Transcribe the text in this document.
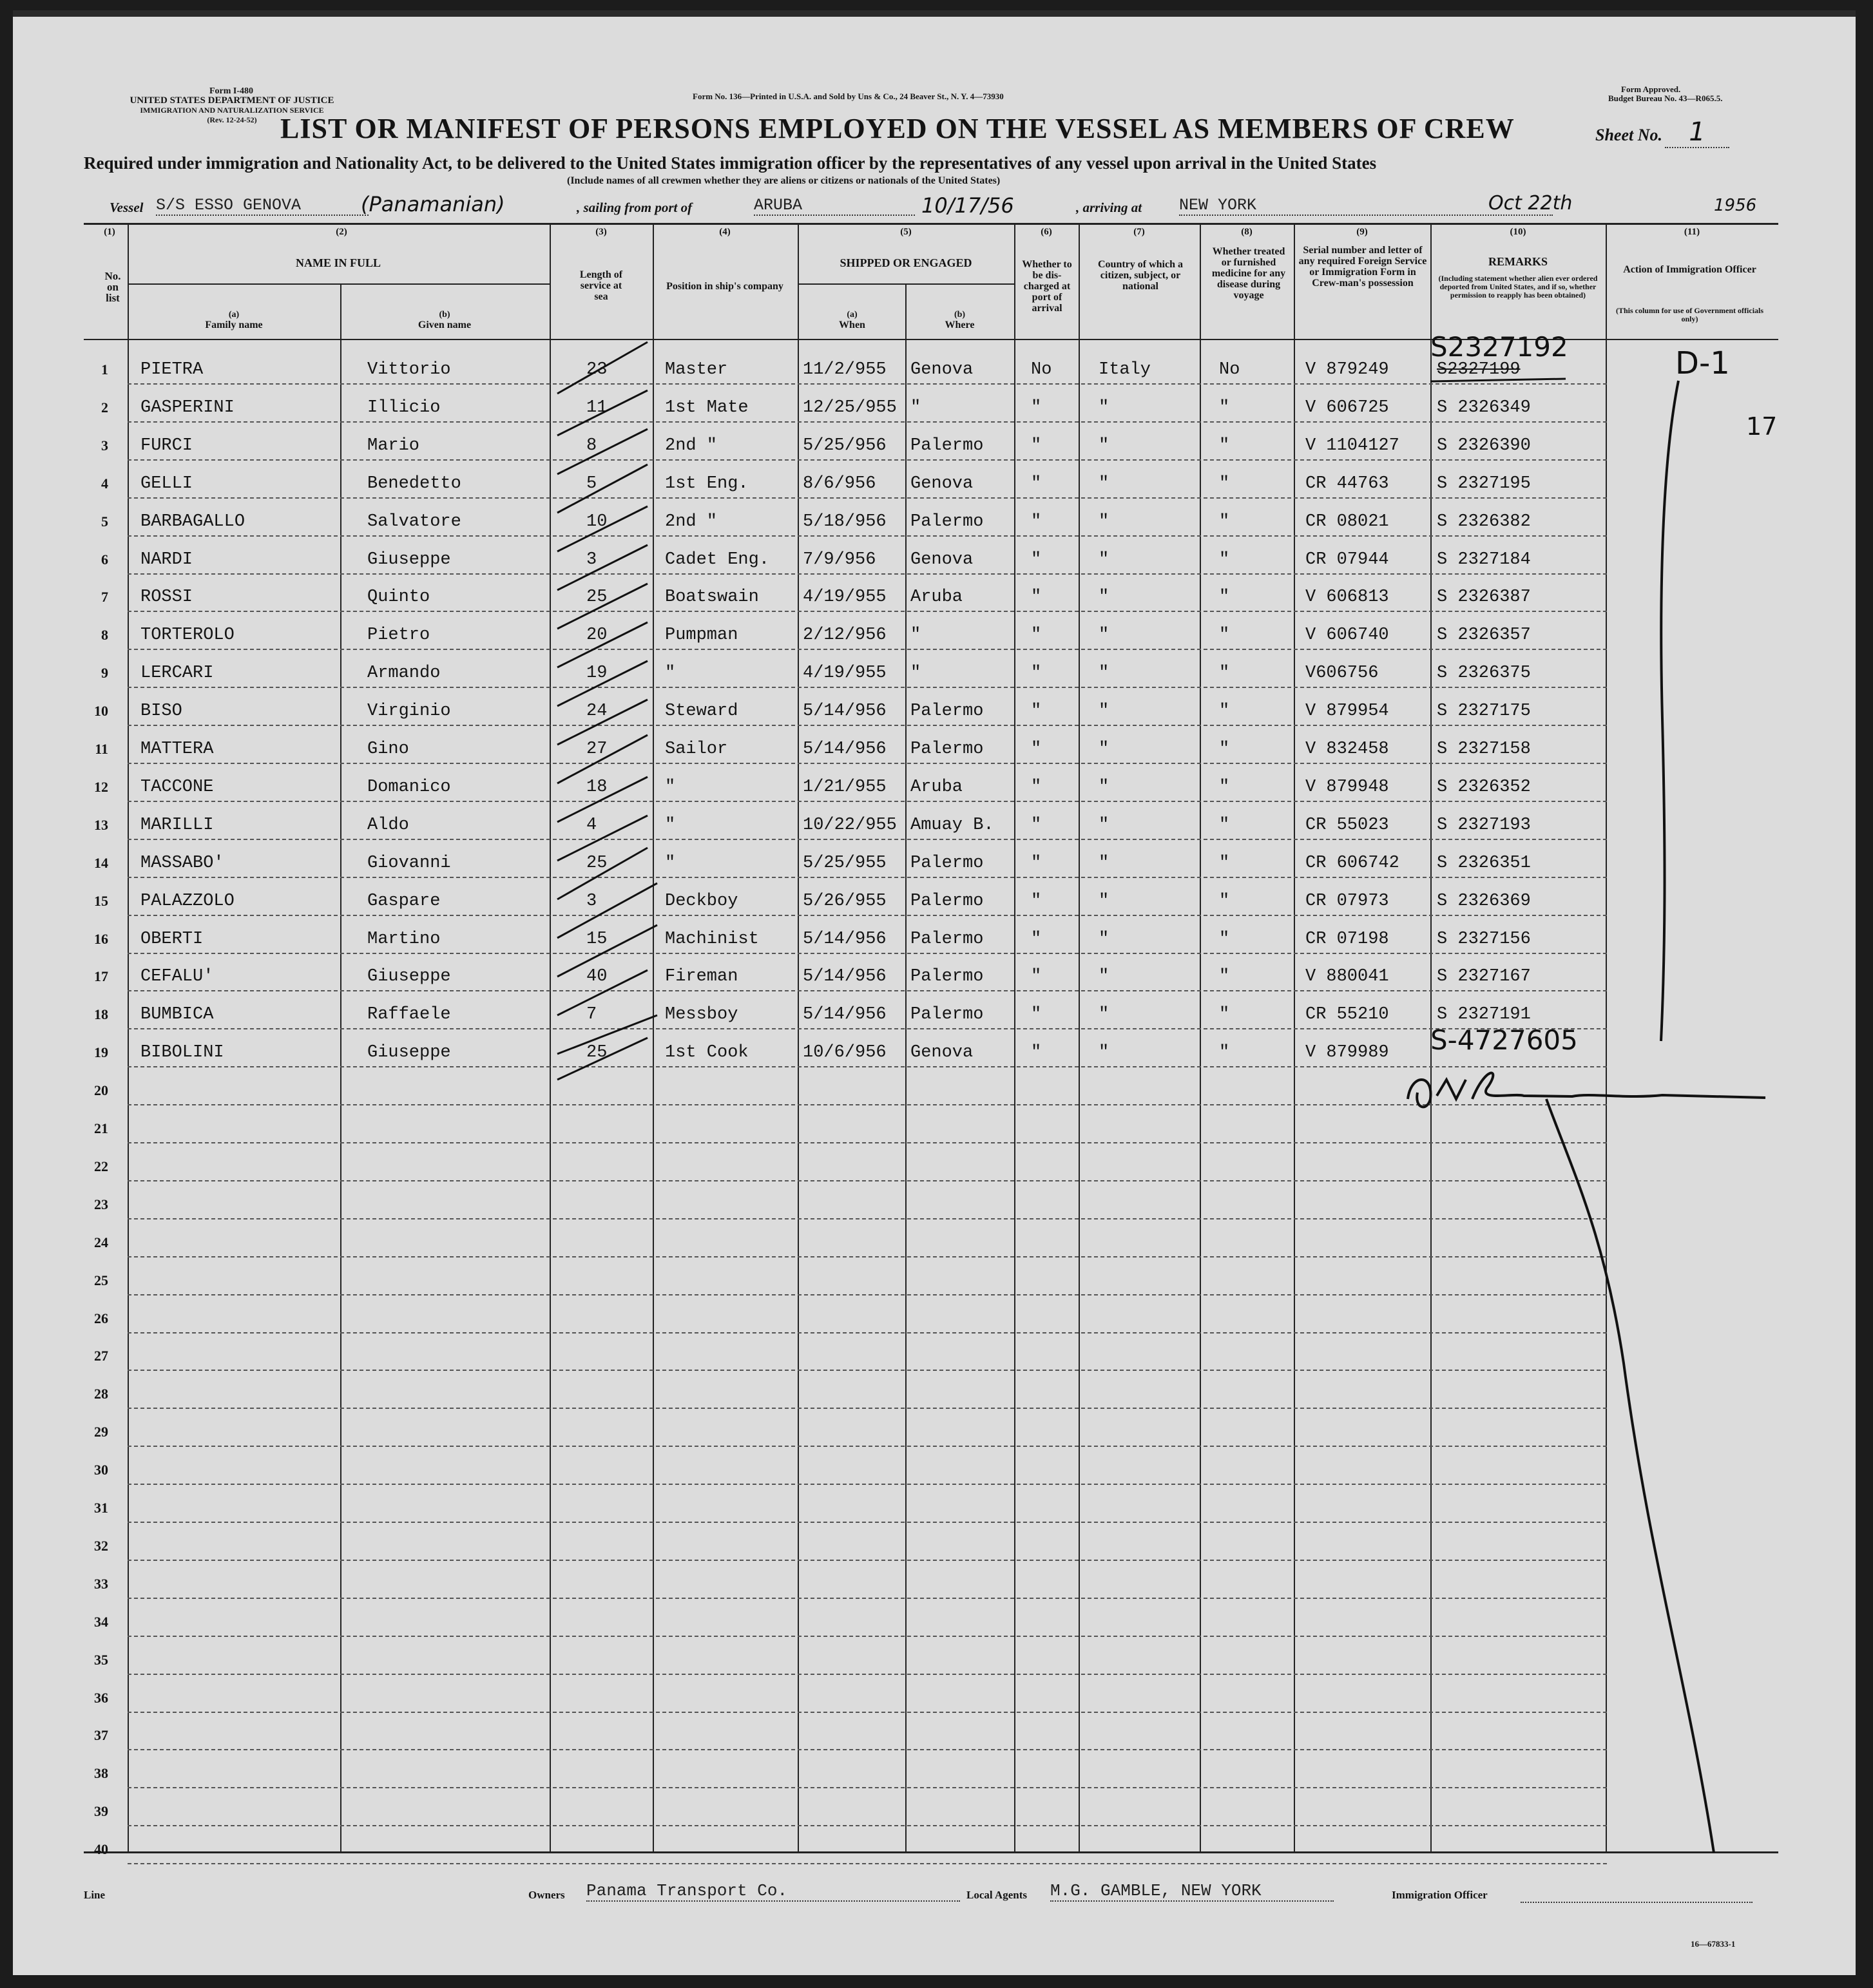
Form I-480
UNITED STATES DEPARTMENT OF JUSTICE
IMMIGRATION AND NATURALIZATION SERVICE
(Rev. 12-24-52)
Form No. 136—Printed in U.S.A. and Sold by Uns & Co., 24 Beaver St., N. Y. 4—73930
Form Approved.
Budget Bureau No. 43—R065.5.
LIST OR MANIFEST OF PERSONS EMPLOYED ON THE VESSEL AS MEMBERS OF CREW	Sheet No. 1
Required under immigration and Nationality Act, to be delivered to the United States immigration officer by the representatives of any vessel upon arrival in the United States
(Include names of all crewmen whether they are aliens or citizens or nationals of the United States)
Vessel S/S ESSO GENOVA	(Panamanian)	, sailing from port of	ARUBA	10/17/56	, arriving at NEW YORK	Oct 22th	1956
(1)	(2)	(3)	(4)	(5)	(6)	(7)	(8)	(9)	(10)	(11)
No. on list
NAME IN FULL
(a)
Family name
(b)
Given name
Length of service at sea
Position in ship's company
SHIPPED OR ENGAGED
(a)
When
(b)
Where
Whether to be dis-charged at port of arrival
Country of which a citizen, subject, or national
Whether treated or furnished medicine for any disease during voyage
Serial number and letter of any required Foreign Service or Immigration Form in Crew-man's possession
REMARKS
(Including statement whether alien ever ordered deported from United States, and if so, whether permission to reapply has been obtained)
Action of Immigration Officer
(This column for use of Government officials only)
1 PIETRA	Vittorio	23	Master	11/2/955 Genova	No	Italy	No	V 879249	S2327199
2 GASPERINI	Illicio	11	1st Mate	12/25/955 "	"	"	"	V 606725	S 2326349
3 FURCI	Mario	8	2nd "	5/25/956 Palermo	"	"	"	V 1104127 S 2326390
4 GELLI	Benedetto	5	1st Eng.	8/6/956 Genova	"	"	"	CR 44763	S 2327195
5 BARBAGALLO	Salvatore	10	2nd "	5/18/956 Palermo	"	"	"	CR 08021	S 2326382
6 NARDI	Giuseppe	3	Cadet Eng. 7/9/956 Genova	"	"	"	CR 07944	S 2327184
7 ROSSI	Quinto	25	Boatswain	4/19/955 Aruba	"	"	"	V 606813	S 2326387
8 TORTEROLO	Pietro	20	Pumpman	2/12/956 "	"	"	"	V 606740	S 2326357
9 LERCARI	Armando	19	"	4/19/955 "	"	"	"	V606756	S 2326375
10 BISO	Virginio	24	Steward	5/14/956 Palermo	"	"	"	V 879954	S 2327175
11 MATTERA	Gino	27	Sailor	5/14/956 Palermo	"	"	"	V 832458	S 2327158
12 TACCONE	Domanico	18	"	1/21/955 Aruba	"	"	"	V 879948	S 2326352
13 MARILLI	Aldo	4	"	10/22/955 Amuay B. "	"	"	CR 55023	S 2327193
14 MASSABO'	Giovanni	25	"	5/25/955 Palermo	"	"	"	CR 606742 S 2326351
15 PALAZZOLO	Gaspare	3	Deckboy	5/26/955 Palermo	"	"	"	CR 07973	S 2326369
16 OBERTI	Martino	15	Machinist	5/14/956 Palermo	"	"	"	CR 07198	S 2327156
17 CEFALU'	Giuseppe	40	Fireman	5/14/956 Palermo	"	"	"	V 880041	S 2327167
18 BUMBICA	Raffaele	7	Messboy	5/14/956 Palermo	"	"	"	CR 55210	S 2327191
19 BIBOLINI	Giuseppe	25	1st Cook	10/6/956 Genova	"	"	"	V 879989
20
21
22
23
24
25
26
27
28
29
30
31
32
33
34
35
36
37
38
39
40
S2327192
S-4727605
D-1
17
Line	Owners Panama Transport Co.	Local Agents M.G. GAMBLE, NEW YORK	Immigration Officer
16—67833-1
